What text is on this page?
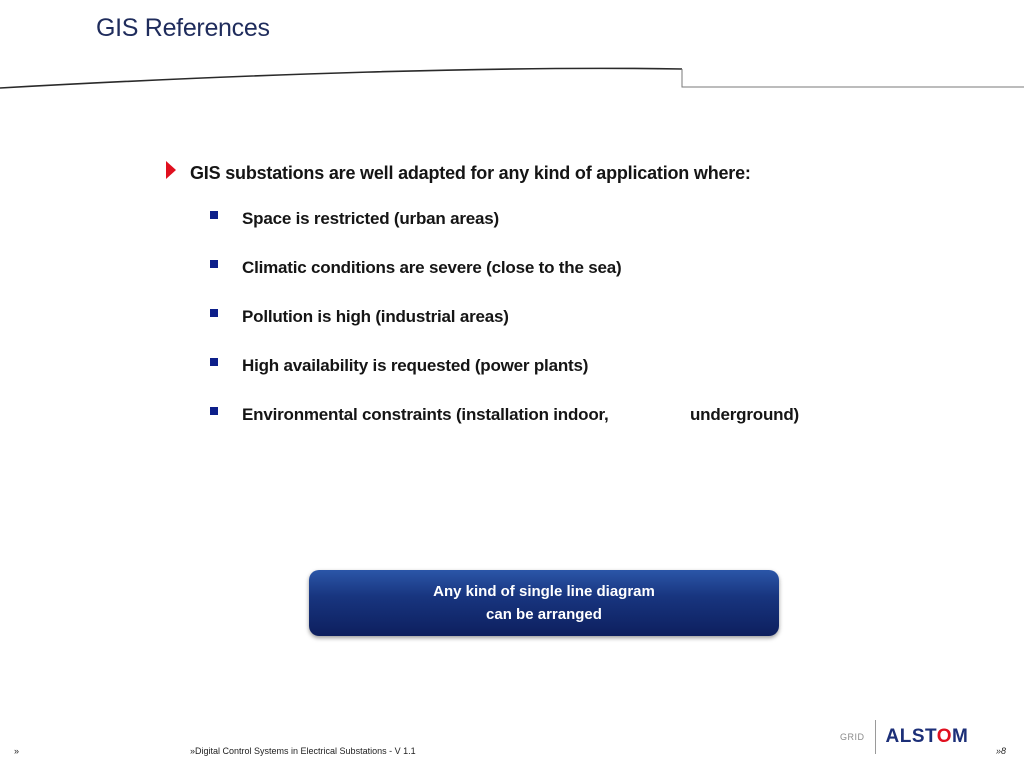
GIS References
GIS substations are well adapted for any kind of application where:
Space is restricted (urban areas)
Climatic conditions are severe (close to the sea)
Pollution is high (industrial areas)
High availability is requested (power plants)
Environmental constraints (installation indoor,                  underground)
Any kind of single line diagram
can be arranged
»	»Digital Control Systems in Electrical Substations - V 1.1	»8
GRID ALSTOM
